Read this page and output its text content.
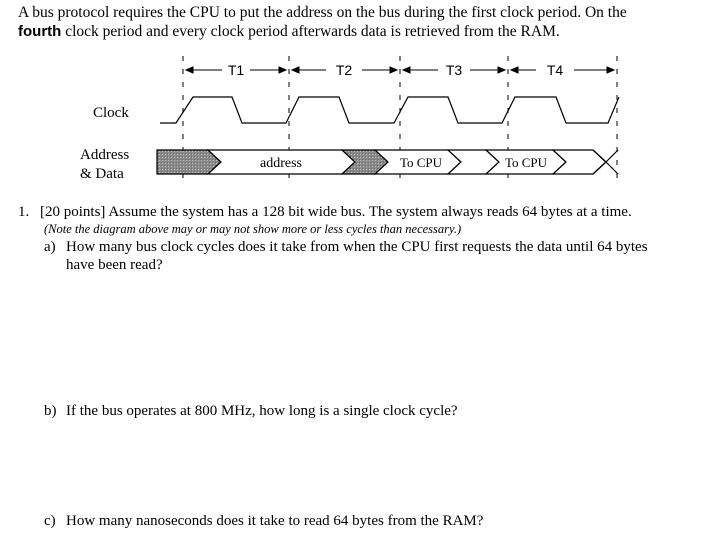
A bus protocol requires the CPU to put the address on the bus during the first clock period. On the
fourth clock period and every clock period afterwards data is retrieved from the RAM.
T1	T2	T3	T4
Clock
Address
& Data
address	To CPU	To CPU
1. [20 points] Assume the system has a 128 bit wide bus. The system always reads 64 bytes at a time.
(Note the diagram above may or may not show more or less cycles than necessary.)
a) How many bus clock cycles does it take from when the CPU first requests the data until 64 bytes have been read?
b) If the bus operates at 800 MHz, how long is a single clock cycle?
c) How many nanoseconds does it take to read 64 bytes from the RAM?
